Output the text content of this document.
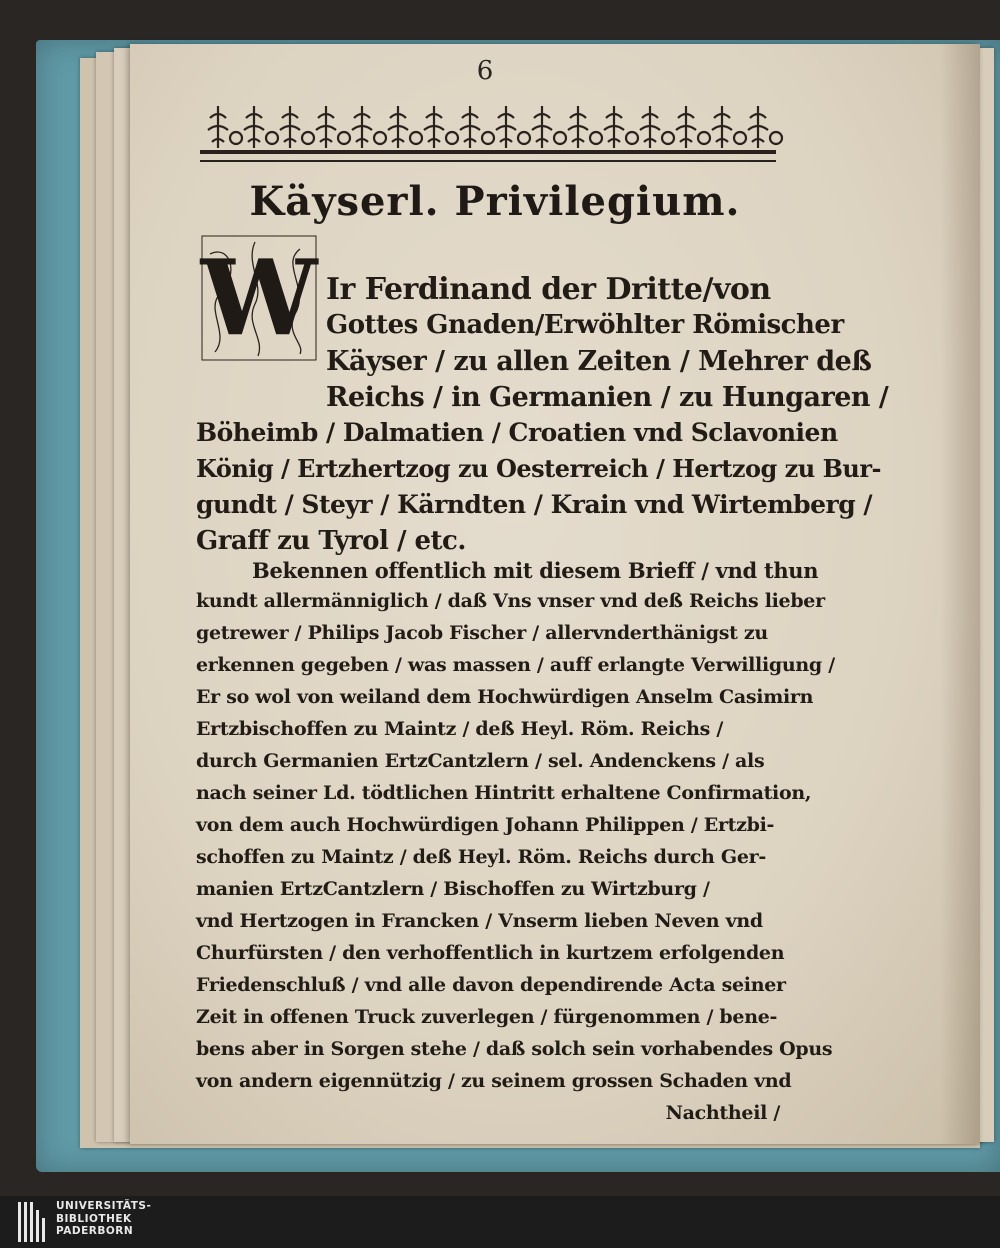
6
Käyserl. Privilegium.
W Ir Ferdinand der Dritte/von
Gottes Gnaden/Erwöhlter Römischer
Käyser / zu allen Zeiten / Mehrer deß
Reichs / in Germanien / zu Hungaren /
Böheimb / Dalmatien / Croatien vnd Sclavonien
König / Ertzhertzog zu Oesterreich / Hertzog zu Bur-
gundt / Steyr / Kärndten / Krain vnd Wirtemberg /
Graff zu Tyrol / etc.
Bekennen offentlich mit diesem Brieff / vnd thun
kundt allermänniglich / daß Vns vnser vnd deß Reichs lieber
getrewer / Philips Jacob Fischer / allervnderthänigst zu
erkennen gegeben / was massen / auff erlangte Verwilligung /
Er so wol von weiland dem Hochwürdigen Anselm Casimirn
Ertzbischoffen zu Maintz / deß Heyl. Röm. Reichs /
durch Germanien ErtzCantzlern / sel. Andenckens / als
nach seiner Ld. tödtlichen Hintritt erhaltene Confirmation,
von dem auch Hochwürdigen Johann Philippen / Ertzbi-
schoffen zu Maintz / deß Heyl. Röm. Reichs durch Ger-
manien ErtzCantzlern / Bischoffen zu Wirtzburg /
vnd Hertzogen in Francken / Vnserm lieben Neven vnd
Churfürsten / den verhoffentlich in kurtzem erfolgenden
Friedenschluß / vnd alle davon dependirende Acta seiner
Zeit in offenen Truck zuverlegen / fürgenommen / bene-
bens aber in Sorgen stehe / daß solch sein vorhabendes Opus
von andern eigennützig / zu seinem grossen Schaden vnd
Nachtheil /
UNIVERSITÄTS-
BIBLIOTHEK
PADERBORN
